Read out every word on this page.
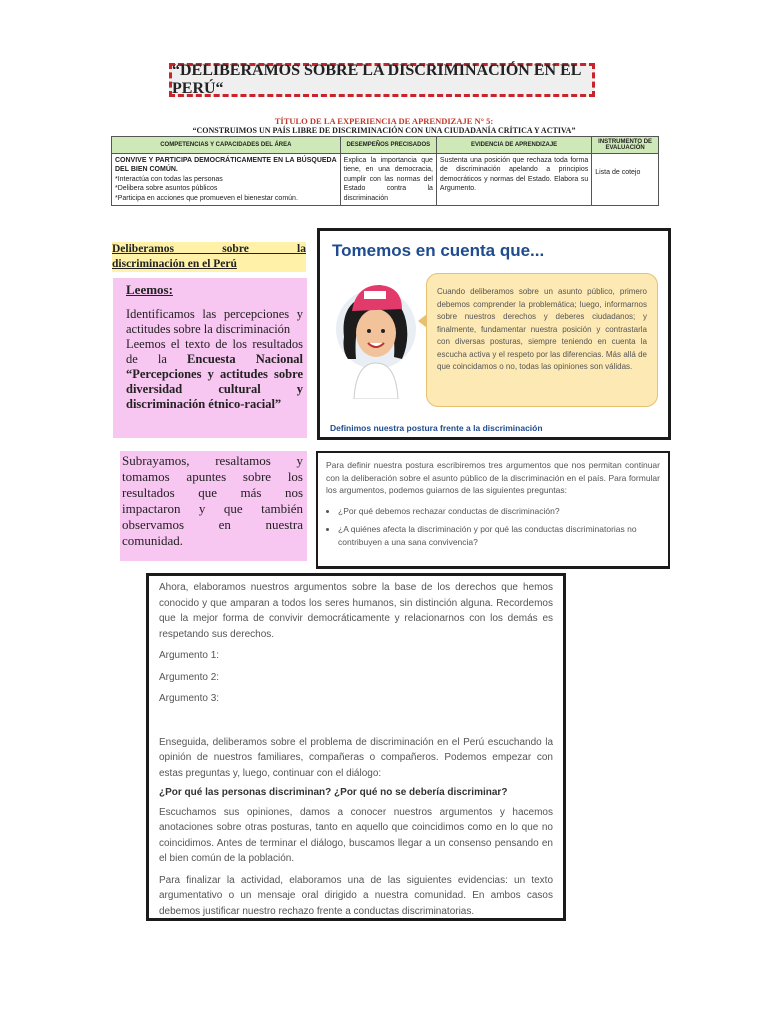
“DELIBERAMOS SOBRE LA DISCRIMINACIÓN EN EL PERÚ“
TÍTULO DE LA EXPERIENCIA DE APRENDIZAJE N° 5:
“CONSTRUIMOS UN PAÍS LIBRE DE DISCRIMINACIÓN CON UNA CIUDADANÍA CRÍTICA Y ACTIVA”
COMPETENCIAS Y CAPACIDADES DEL ÁREA	DESEMPEÑOS PRECISADOS	EVIDENCIA DE APRENDIZAJE	INSTRUMENTO DE EVALUACIÓN

CONVIVE Y PARTICIPA DEMOCRÁTICAMENTE EN LA BÚSQUEDA DEL BIEN COMÚN.
*Interactúa con todas las personas
*Delibera sobre asuntos públicos
*Participa en acciones que promueven el bienestar común.	Explica la importancia que tiene, en una democracia, cumplir con las normas del Estado contra la discriminación	Sustenta una posición que rechaza toda forma de discriminación apelando a principios democráticos y normas del Estado. Elabora su Argumento.	Lista de cotejo
Deliberamos sobre la
discriminación en el Perú
Leemos:
Identificamos las percepciones y actitudes sobre la discriminación
Leemos el texto de los resultados de la Encuesta Nacional “Percepciones y actitudes sobre diversidad cultural y discriminación étnico-racial”
Subrayamos, resaltamos y tomamos apuntes sobre los resultados que más nos impactaron y que también observamos en nuestra comunidad.
Tomemos en cuenta que...
Cuando deliberamos sobre un asunto público, primero debemos comprender la problemática; luego, informarnos sobre nuestros derechos y deberes ciudadanos; y finalmente, fundamentar nuestra posición y contrastarla con diversas posturas, siempre teniendo en cuenta la escucha activa y el respeto por las diferencias. Más allá de que coincidamos o no, todas las opiniones son válidas.
Definimos nuestra postura frente a la discriminación

Para definir nuestra postura escribiremos tres argumentos que nos permitan continuar con la deliberación sobre el asunto público de la discriminación en el país. Para formular los argumentos, podemos guiarnos de las siguientes preguntas:

• ¿Por qué debemos rechazar conductas de discriminación?
• ¿A quiénes afecta la discriminación y por qué las conductas discriminatorias no contribuyen a una sana convivencia?

Ahora, elaboramos nuestros argumentos sobre la base de los derechos que hemos conocido y que amparan a todos los seres humanos, sin distinción alguna. Recordemos que la mejor forma de convivir democráticamente y relacionarnos con los demás es respetando sus derechos.

Argumento 1:

Argumento 2:

Argumento 3:

Enseguida, deliberamos sobre el problema de discriminación en el Perú escuchando la opinión de nuestros familiares, compañeras o compañeros. Podemos empezar con estas preguntas y, luego, continuar con el diálogo:

¿Por qué las personas discriminan? ¿Por qué no se debería discriminar?

Escuchamos sus opiniones, damos a conocer nuestros argumentos y hacemos anotaciones sobre otras posturas, tanto en aquello que coincidimos como en lo que no coincidimos. Antes de terminar el diálogo, buscamos llegar a un consenso pensando en el bien común de la población.

Para finalizar la actividad, elaboramos una de las siguientes evidencias: un texto argumentativo o un mensaje oral dirigido a nuestra comunidad. En ambos casos debemos justificar nuestro rechazo frente a conductas discriminatorias.
